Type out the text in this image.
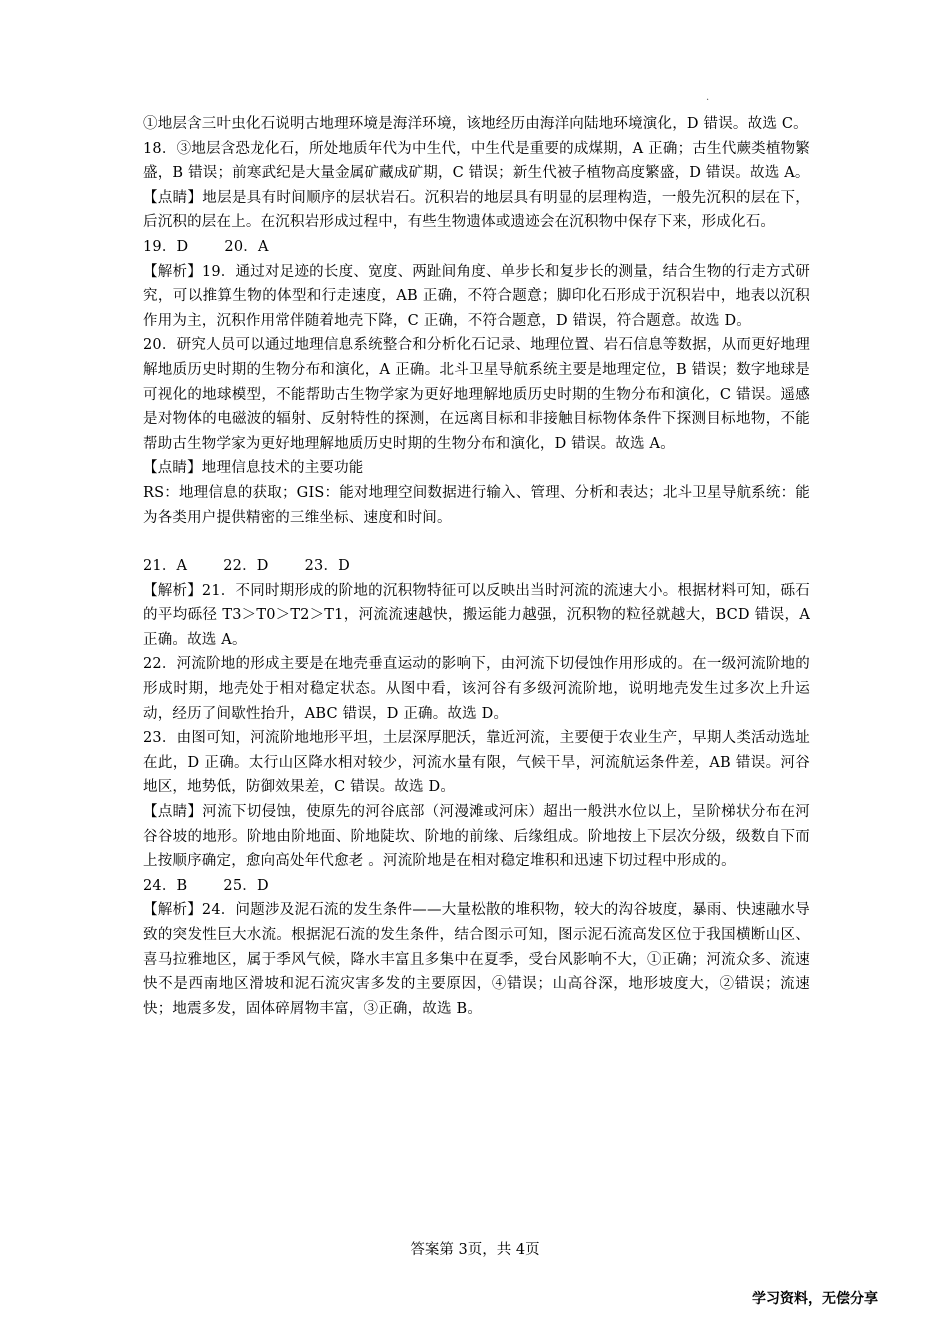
.

①地层含三叶虫化石说明古地理环境是海洋环境，该地经历由海洋向陆地环境演化，D 错误。故选 C。

18．③地层含恐龙化石，所处地质年代为中生代，中生代是重要的成煤期，A 正确；古生代蕨类植物繁盛，B 错误；前寒武纪是大量金属矿藏成矿期，C 错误；新生代被子植物高度繁盛，D 错误。故选 A。

【点睛】地层是具有时间顺序的层状岩石。沉积岩的地层具有明显的层理构造，一般先沉积的层在下，后沉积的层在上。在沉积岩形成过程中，有些生物遗体或遗迹会在沉积物中保存下来，形成化石。

19．D 20．A

【解析】19．通过对足迹的长度、宽度、两趾间角度、单步长和复步长的测量，结合生物的行走方式研究，可以推算生物的体型和行走速度，AB 正确，不符合题意；脚印化石形成于沉积岩中，地表以沉积作用为主，沉积作用常伴随着地壳下降，C 正确，不符合题意，D 错误，符合题意。故选 D。

20．研究人员可以通过地理信息系统整合和分析化石记录、地理位置、岩石信息等数据，从而更好地理解地质历史时期的生物分布和演化，A 正确。北斗卫星导航系统主要是地理定位，B 错误；数字地球是可视化的地球模型，不能帮助古生物学家为更好地理解地质历史时期的生物分布和演化，C 错误。遥感是对物体的电磁波的辐射、反射特性的探测，在远离目标和非接触目标物体条件下探测目标地物，不能帮助古生物学家为更好地理解地质历史时期的生物分布和演化，D 错误。故选 A。

【点睛】地理信息技术的主要功能

RS：地理信息的获取；GIS：能对地理空间数据进行输入、管理、分析和表达；北斗卫星导航系统：能为各类用户提供精密的三维坐标、速度和时间。

21．A 22．D 23．D

【解析】21．不同时期形成的阶地的沉积物特征可以反映出当时河流的流速大小。根据材料可知，砾石的平均砾径 T3＞T0＞T2＞T1，河流流速越快，搬运能力越强，沉积物的粒径就越大，BCD 错误，A 正确。故选 A。

22．河流阶地的形成主要是在地壳垂直运动的影响下，由河流下切侵蚀作用形成的。在一级河流阶地的形成时期，地壳处于相对稳定状态。从图中看，该河谷有多级河流阶地，说明地壳发生过多次上升运动，经历了间歇性抬升，ABC 错误，D 正确。故选 D。

23．由图可知，河流阶地地形平坦，土层深厚肥沃，靠近河流，主要便于农业生产，早期人类活动选址在此，D 正确。太行山区降水相对较少，河流水量有限，气候干旱，河流航运条件差，AB 错误。河谷地区，地势低，防御效果差，C 错误。故选 D。

【点睛】河流下切侵蚀，使原先的河谷底部（河漫滩或河床）超出一般洪水位以上，呈阶梯状分布在河谷谷坡的地形。阶地由阶地面、阶地陡坎、阶地的前缘、后缘组成。阶地按上下层次分级，级数自下而上按顺序确定，愈向高处年代愈老 。河流阶地是在相对稳定堆积和迅速下切过程中形成的。

24．B 25．D

【解析】24．问题涉及泥石流的发生条件——大量松散的堆积物，较大的沟谷坡度，暴雨、快速融水导致的突发性巨大水流。根据泥石流的发生条件，结合图示可知，图示泥石流高发区位于我国横断山区、喜马拉雅地区，属于季风气候，降水丰富且多集中在夏季，受台风影响不大，①正确；河流众多、流速快不是西南地区滑坡和泥石流灾害多发的主要原因，④错误；山高谷深，地形坡度大，②错误；流速快；地震多发，固体碎屑物丰富，③正确，故选 B。

答案第 3页，共 4页
学习资料，无偿分享
